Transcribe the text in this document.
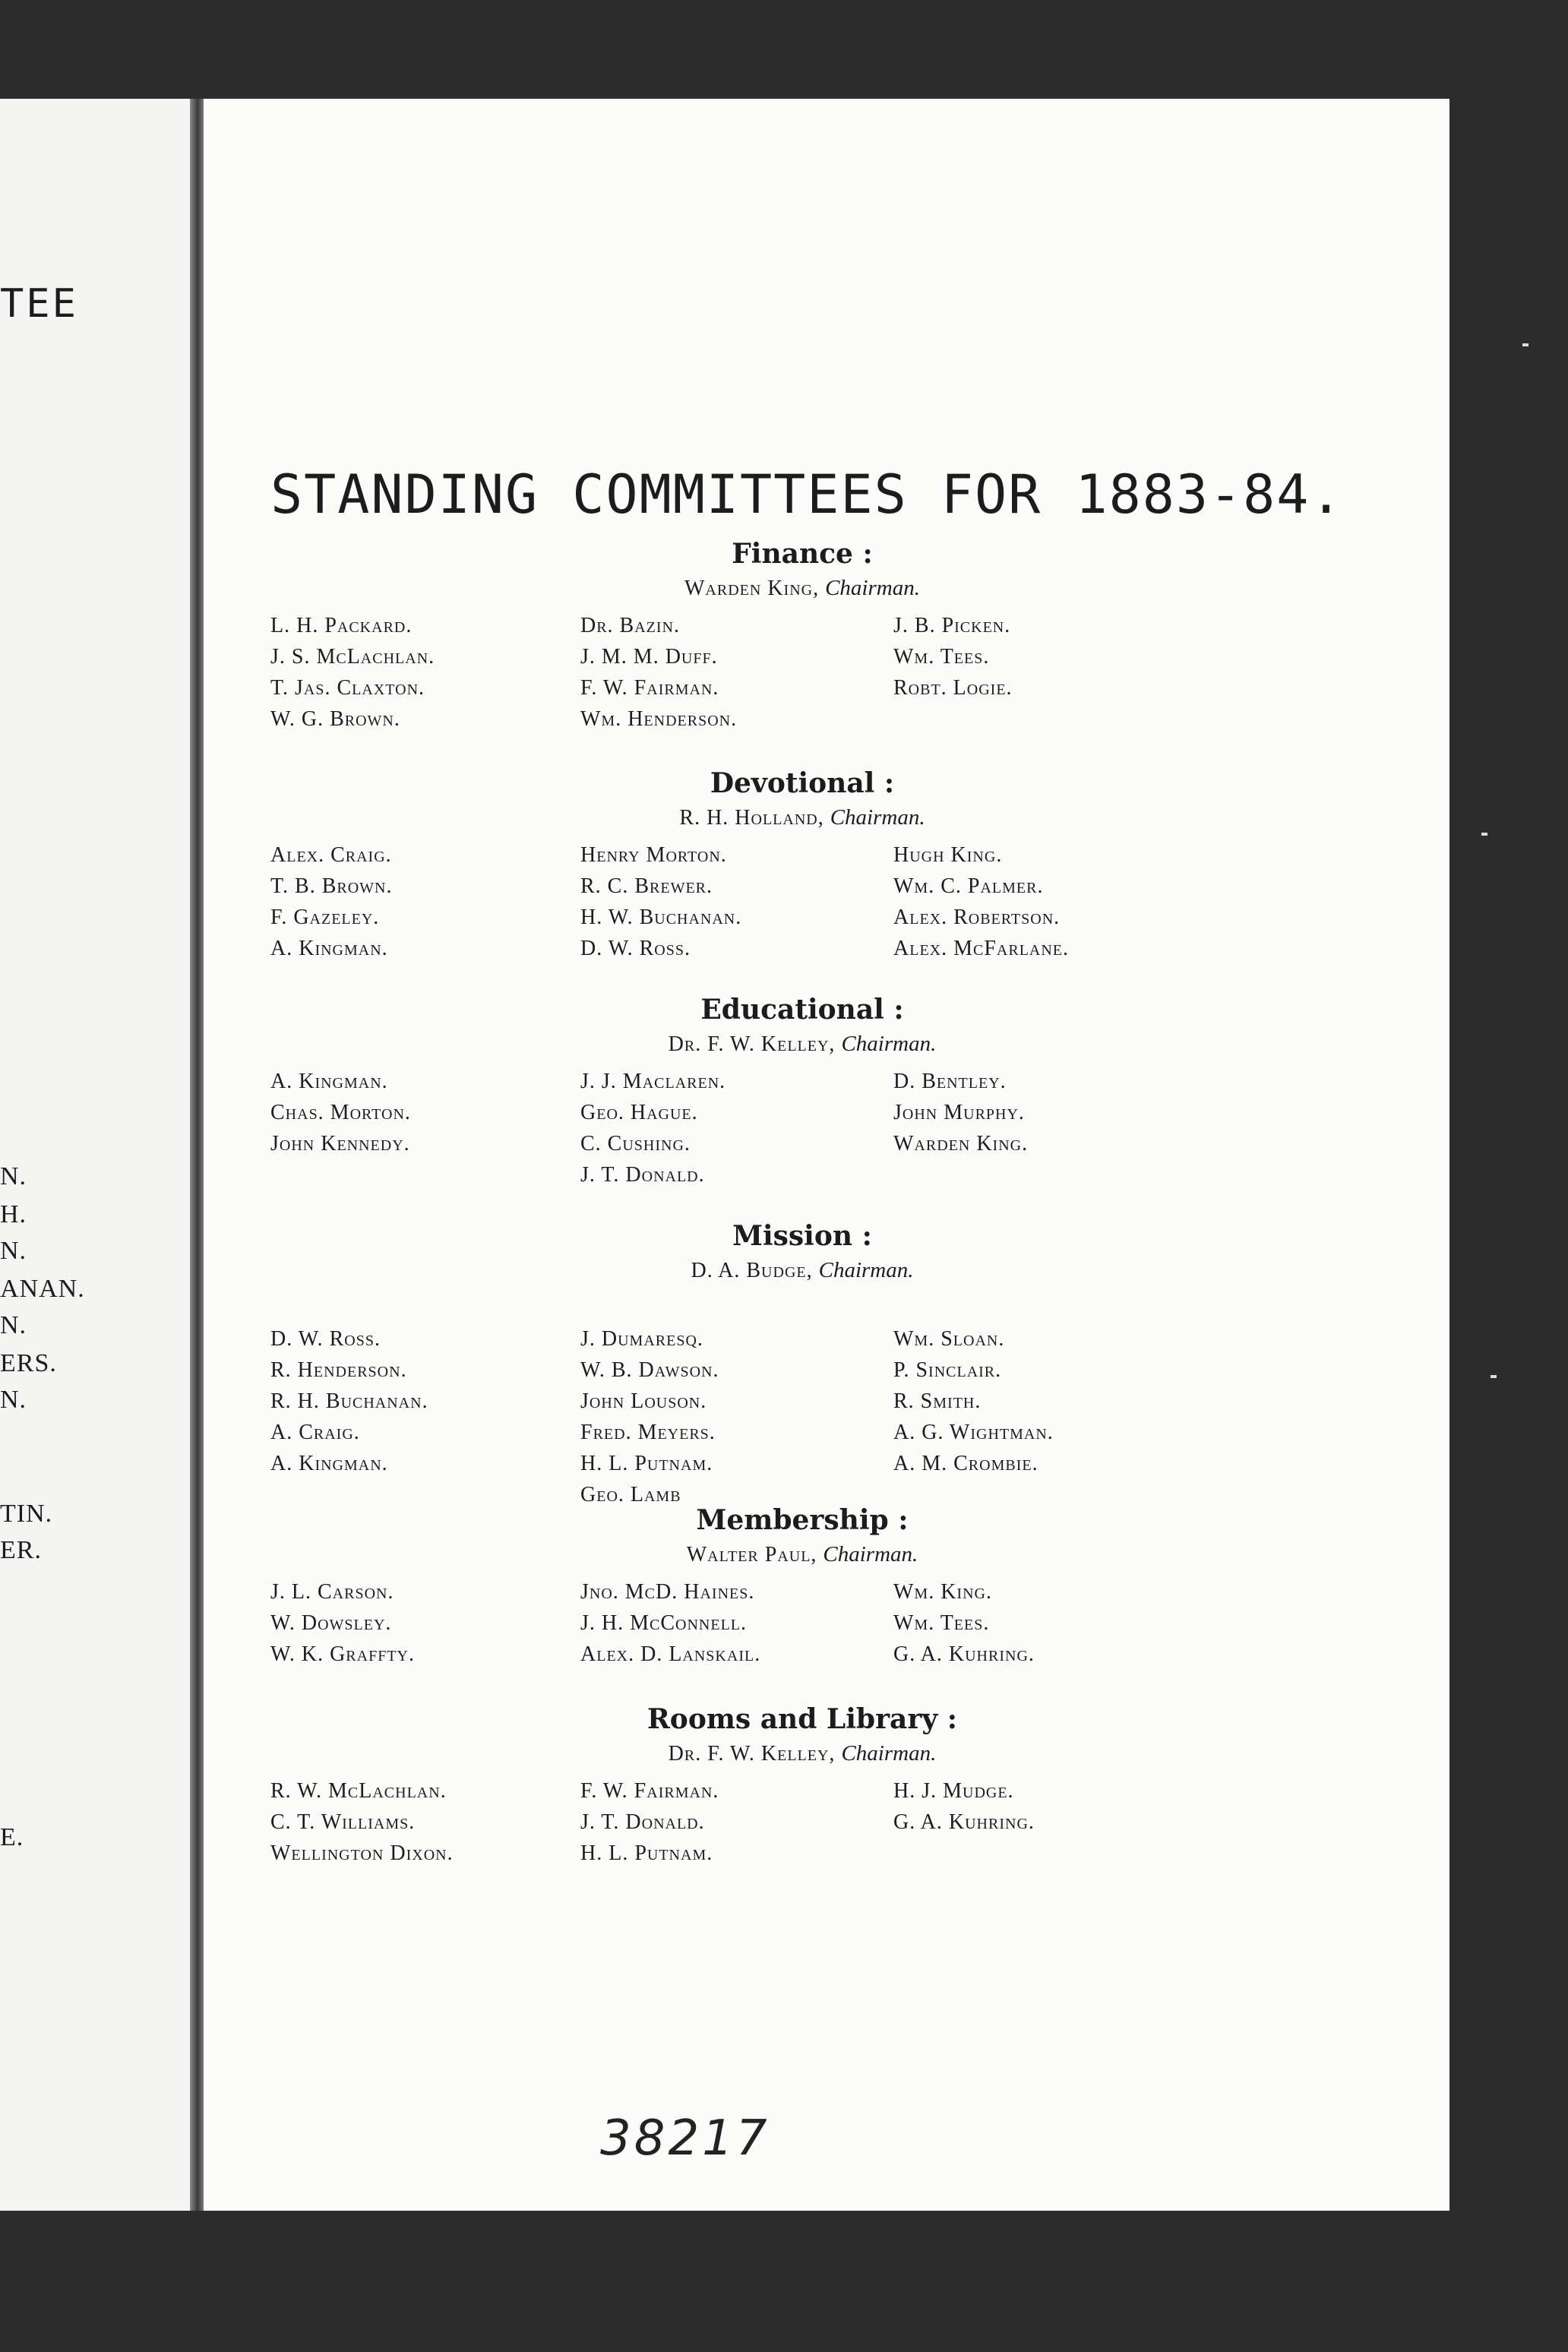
TEE

N.

H.

N.

ANAN.

N.

ERS.

N.

TIN.

ER.

E.

STANDING COMMITTEES FOR 1883-84.
Finance :

Warden King, Chairman.

L. H. Packard.
J. S. McLachlan.
T. Jas. Claxton.
W. G. Brown.
Dr. Bazin.
J. M. M. Duff.
F. W. Fairman.
Wm. Henderson.
J. B. Picken.
Wm. Tees.
Robt. Logie.
Devotional :

R. H. Holland, Chairman.

Alex. Craig.
T. B. Brown.
F. Gazeley.
A. Kingman.
Henry Morton.
R. C. Brewer.
H. W. Buchanan.
D. W. Ross.
Hugh King.
Wm. C. Palmer.
Alex. Robertson.
Alex. McFarlane.
Educational :

Dr. F. W. Kelley, Chairman.

A. Kingman.
Chas. Morton.
John Kennedy.
J. J. Maclaren.
Geo. Hague.
C. Cushing.
J. T. Donald.
D. Bentley.
John Murphy.
Warden King.
Mission :

D. A. Budge, Chairman.

D. W. Ross.
R. Henderson.
R. H. Buchanan.
A. Craig.
A. Kingman.
J. Dumaresq.
W. B. Dawson.
John Louson.
Fred. Meyers.
H. L. Putnam.
Geo. Lamb
Wm. Sloan.
P. Sinclair.
R. Smith.
A. G. Wightman.
A. M. Crombie.
Membership :

Walter Paul, Chairman.

J. L. Carson.
W. Dowsley.
W. K. Graffty.
Jno. McD. Haines.
J. H. McConnell.
Alex. D. Lanskail.
Wm. King.
Wm. Tees.
G. A. Kuhring.
Rooms and Library :

Dr. F. W. Kelley, Chairman.

R. W. McLachlan.
C. T. Williams.
Wellington Dixon.
F. W. Fairman.
J. T. Donald.
H. L. Putnam.
H. J. Mudge.
G. A. Kuhring.

38217
